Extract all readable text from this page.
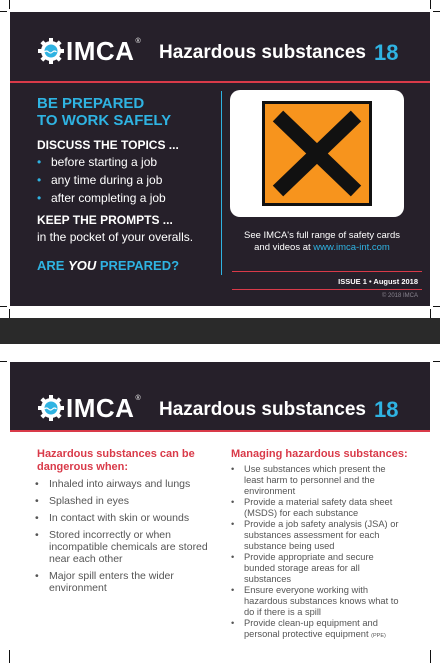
IMCA ®
Hazardous substances 18
BE PREPARED
TO WORK SAFELY
DISCUSS THE TOPICS ...
• before starting a job
• any time during a job
• after completing a job
KEEP THE PROMPTS ...
in the pocket of your overalls.
ARE YOU PREPARED?
See IMCA's full range of safety cards
and videos at www.imca-int.com
ISSUE 1 • August 2018
© 2018 IMCA
IMCA ®
Hazardous substances 18
Hazardous substances can be dangerous when:
• Inhaled into airways and lungs
• Splashed in eyes
• In contact with skin or wounds
• Stored incorrectly or when incompatible chemicals are stored near each other
• Major spill enters the wider environment
Managing hazardous substances:
• Use substances which present the least harm to personnel and the environment
• Provide a material safety data sheet (MSDS) for each substance
• Provide a job safety analysis (JSA) or substances assessment for each substance being used
• Provide appropriate and secure bunded storage areas for all substances
• Ensure everyone working with hazardous substances knows what to do if there is a spill
• Provide clean-up equipment and personal protective equipment (PPE)
